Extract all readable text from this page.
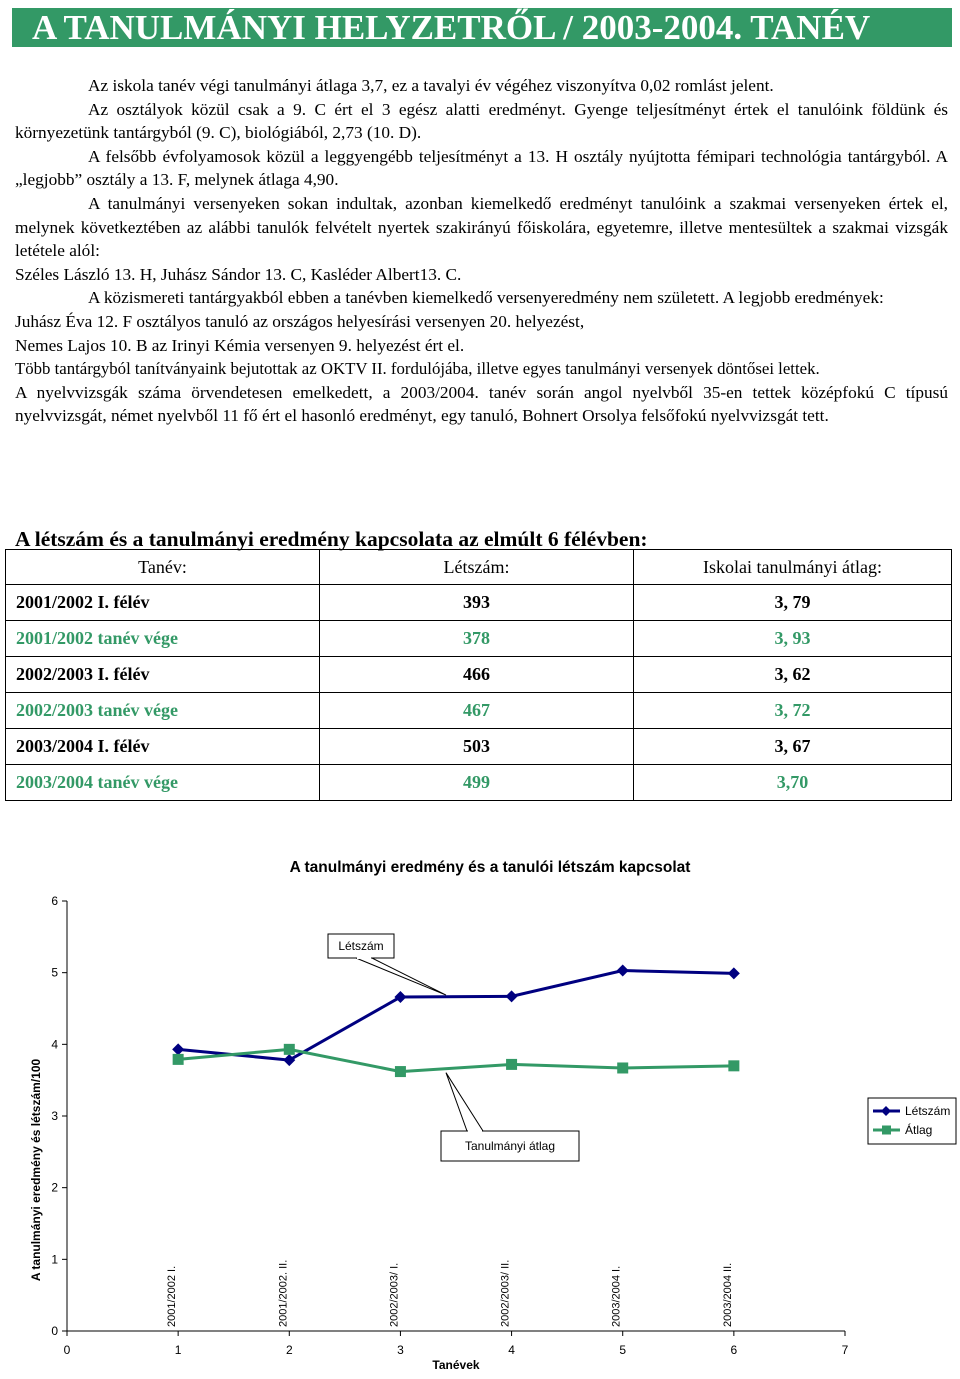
A TANULMÁNYI HELYZETRŐL / 2003-2004. TANÉV

Az iskola tanév végi tanulmányi átlaga 3,7, ez a tavalyi év végéhez viszonyítva 0,02 romlást jelent.

Az osztályok közül csak a 9. C ért el 3 egész alatti eredményt. Gyenge teljesítményt értek el tanulóink földünk és környezetünk tantárgyból (9. C), biológiából, 2,73 (10. D).

A felsőbb évfolyamosok közül a leggyengébb teljesítményt a 13. H osztály nyújtotta fémipari technológia tantárgyból. A „legjobb” osztály a 13. F, melynek átlaga 4,90.

A tanulmányi versenyeken sokan indultak, azonban kiemelkedő eredményt tanulóink a szakmai versenyeken értek el, melynek következtében az alábbi tanulók felvételt nyertek szakirányú főiskolára, egyetemre, illetve mentesültek a szakmai vizsgák letétele alól:

Széles László 13. H, Juhász Sándor 13. C, Kasléder Albert13. C.

A közismereti tantárgyakból ebben a tanévben kiemelkedő versenyeredmény nem született. A legjobb eredmények:

Juhász Éva 12. F osztályos tanuló az országos helyesírási versenyen 20. helyezést,

Nemes Lajos 10. B az Irinyi Kémia versenyen 9. helyezést ért el.

Több tantárgyból tanítványaink bejutottak az OKTV II. fordulójába, illetve egyes tanulmányi versenyek döntősei lettek.

A nyelvvizsgák száma örvendetesen emelkedett, a 2003/2004. tanév során angol nyelvből 35-en tettek középfokú C típusú nyelvvizsgát, német nyelvből 11 fő ért el hasonló eredményt, egy tanuló, Bohnert Orsolya felsőfokú nyelvvizsgát tett.

A létszám és a tanulmányi eredmény kapcsolata az elmúlt 6 félévben:
Tanév:	Létszám:	Iskolai tanulmányi átlag:
2001/2002 I. félév	393	3, 79
2001/2002 tanév vége	378	3, 93
2002/2003 I. félév	466	3, 62
2002/2003 tanév vége	467	3, 72
2003/2004 I. félév	503	3, 67
2003/2004 tanév vége	499	3,70
A tanulmányi eredmény és a tanulói létszám kapcsolat
A tanulmányi eredmény és létszám/100
Tanévek
0
1
2
3
4
5
6
0	1	2	3	4	5	6	7
2001/2002 I.	2001/2002. II.	2002/2003/ I.	2002/2003/ II.	2003/2004 I.	2003/2004 II.
Létszám
Tanulmányi átlag
Létszám
Átlag
